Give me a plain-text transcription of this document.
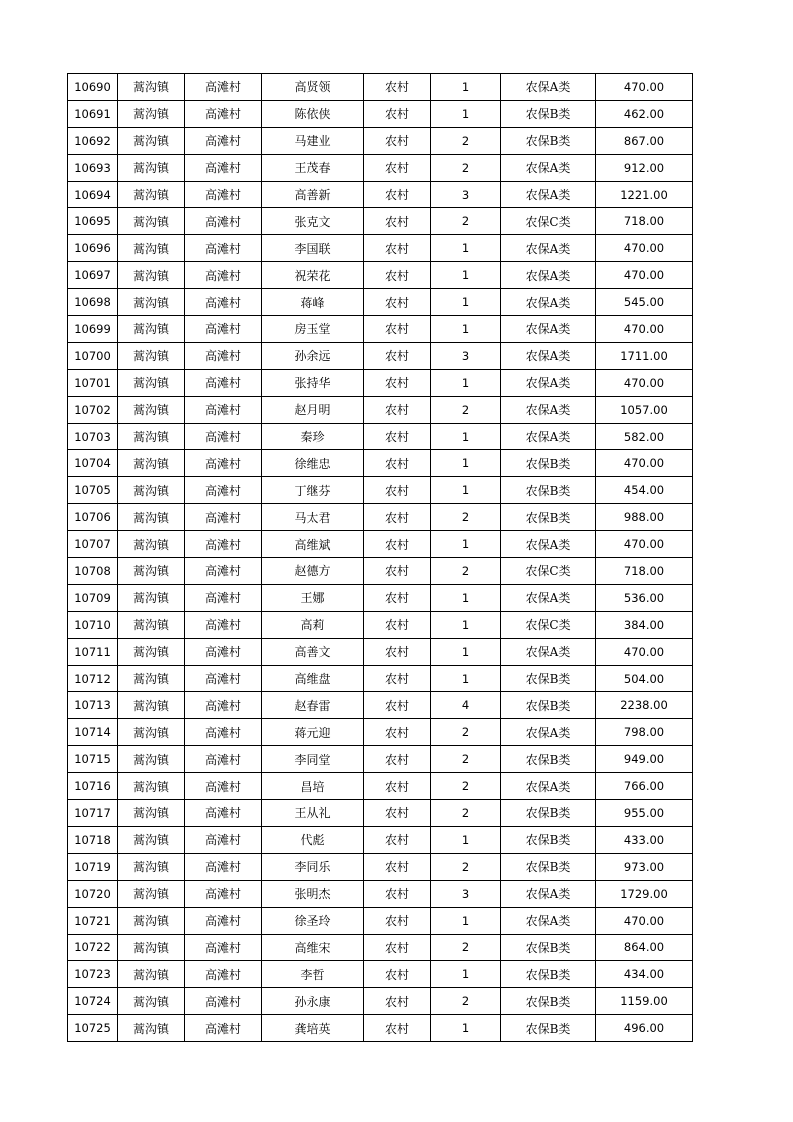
10690	蒿沟镇	高滩村	高贤领	农村	1	农保A类	470.00
10691	蒿沟镇	高滩村	陈依侠	农村	1	农保B类	462.00
10692	蒿沟镇	高滩村	马建业	农村	2	农保B类	867.00
10693	蒿沟镇	高滩村	王茂春	农村	2	农保A类	912.00
10694	蒿沟镇	高滩村	高善新	农村	3	农保A类	1221.00
10695	蒿沟镇	高滩村	张克文	农村	2	农保C类	718.00
10696	蒿沟镇	高滩村	李国联	农村	1	农保A类	470.00
10697	蒿沟镇	高滩村	祝荣花	农村	1	农保A类	470.00
10698	蒿沟镇	高滩村	蒋峰	农村	1	农保A类	545.00
10699	蒿沟镇	高滩村	房玉堂	农村	1	农保A类	470.00
10700	蒿沟镇	高滩村	孙余远	农村	3	农保A类	1711.00
10701	蒿沟镇	高滩村	张持华	农村	1	农保A类	470.00
10702	蒿沟镇	高滩村	赵月明	农村	2	农保A类	1057.00
10703	蒿沟镇	高滩村	秦珍	农村	1	农保A类	582.00
10704	蒿沟镇	高滩村	徐维忠	农村	1	农保B类	470.00
10705	蒿沟镇	高滩村	丁继芬	农村	1	农保B类	454.00
10706	蒿沟镇	高滩村	马太君	农村	2	农保B类	988.00
10707	蒿沟镇	高滩村	高维斌	农村	1	农保A类	470.00
10708	蒿沟镇	高滩村	赵德方	农村	2	农保C类	718.00
10709	蒿沟镇	高滩村	王娜	农村	1	农保A类	536.00
10710	蒿沟镇	高滩村	高莉	农村	1	农保C类	384.00
10711	蒿沟镇	高滩村	高善文	农村	1	农保A类	470.00
10712	蒿沟镇	高滩村	高维盘	农村	1	农保B类	504.00
10713	蒿沟镇	高滩村	赵春雷	农村	4	农保B类	2238.00
10714	蒿沟镇	高滩村	蒋元迎	农村	2	农保A类	798.00
10715	蒿沟镇	高滩村	李同堂	农村	2	农保B类	949.00
10716	蒿沟镇	高滩村	昌培	农村	2	农保A类	766.00
10717	蒿沟镇	高滩村	王从礼	农村	2	农保B类	955.00
10718	蒿沟镇	高滩村	代彪	农村	1	农保B类	433.00
10719	蒿沟镇	高滩村	李同乐	农村	2	农保B类	973.00
10720	蒿沟镇	高滩村	张明杰	农村	3	农保A类	1729.00
10721	蒿沟镇	高滩村	徐圣玲	农村	1	农保A类	470.00
10722	蒿沟镇	高滩村	高维宋	农村	2	农保B类	864.00
10723	蒿沟镇	高滩村	李哲	农村	1	农保B类	434.00
10724	蒿沟镇	高滩村	孙永康	农村	2	农保B类	1159.00
10725	蒿沟镇	高滩村	龚培英	农村	1	农保B类	496.00
